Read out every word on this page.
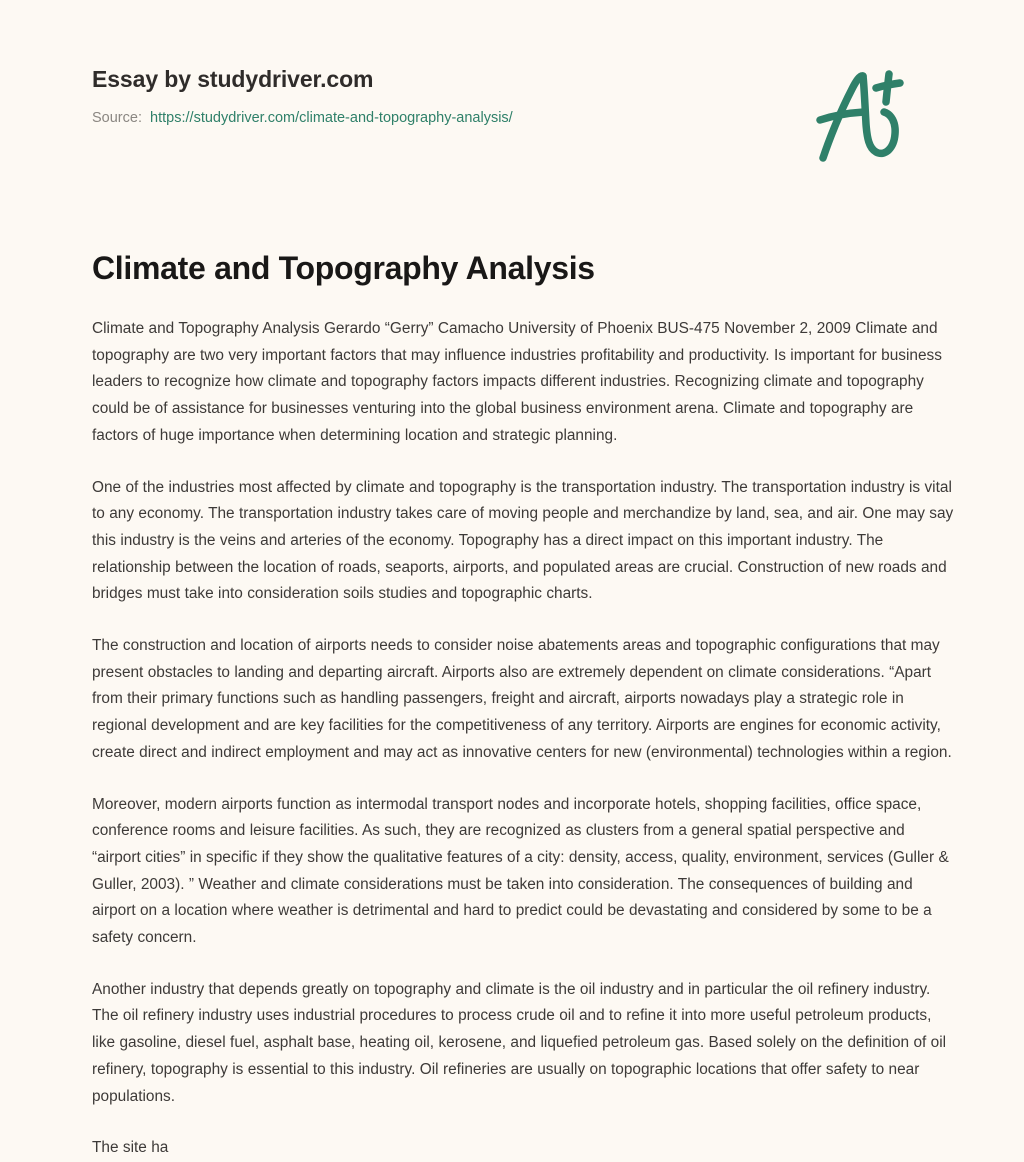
Essay by studydriver.com
Source: https://studydriver.com/climate-and-topography-analysis/
Climate and Topography Analysis

Climate and Topography Analysis Gerardo “Gerry” Camacho University of Phoenix BUS-475 November 2, 2009 Climate and topography are two very important factors that may influence industries profitability and productivity. Is important for business leaders to recognize how climate and topography factors impacts different industries. Recognizing climate and topography could be of assistance for businesses venturing into the global business environment arena. Climate and topography are factors of huge importance when determining location and strategic planning.

One of the industries most affected by climate and topography is the transportation industry. The transportation industry is vital to any economy. The transportation industry takes care of moving people and merchandize by land, sea, and air. One may say this industry is the veins and arteries of the economy. Topography has a direct impact on this important industry. The relationship between the location of roads, seaports, airports, and populated areas are crucial. Construction of new roads and bridges must take into consideration soils studies and topographic charts.

The construction and location of airports needs to consider noise abatements areas and topographic configurations that may present obstacles to landing and departing aircraft. Airports also are extremely dependent on climate considerations. “Apart from their primary functions such as handling passengers, freight and aircraft, airports nowadays play a strategic role in regional development and are key facilities for the competitiveness of any territory. Airports are engines for economic activity, create direct and indirect employment and may act as innovative centers for new (environmental) technologies within a region.

Moreover, modern airports function as intermodal transport nodes and incorporate hotels, shopping facilities, office space, conference rooms and leisure facilities. As such, they are recognized as clusters from a general spatial perspective and “airport cities” in specific if they show the qualitative features of a city: density, access, quality, environment, services (Guller & Guller, 2003). ” Weather and climate considerations must be taken into consideration. The consequences of building and airport on a location where weather is detrimental and hard to predict could be devastating and considered by some to be a safety concern.

Another industry that depends greatly on topography and climate is the oil industry and in particular the oil refinery industry. The oil refinery industry uses industrial procedures to process crude oil and to refine it into more useful petroleum products, like gasoline, diesel fuel, asphalt base, heating oil, kerosene, and liquefied petroleum gas. Based solely on the definition of oil refinery, topography is essential to this industry. Oil refineries are usually on topographic locations that offer safety to near populations.

The site ha
